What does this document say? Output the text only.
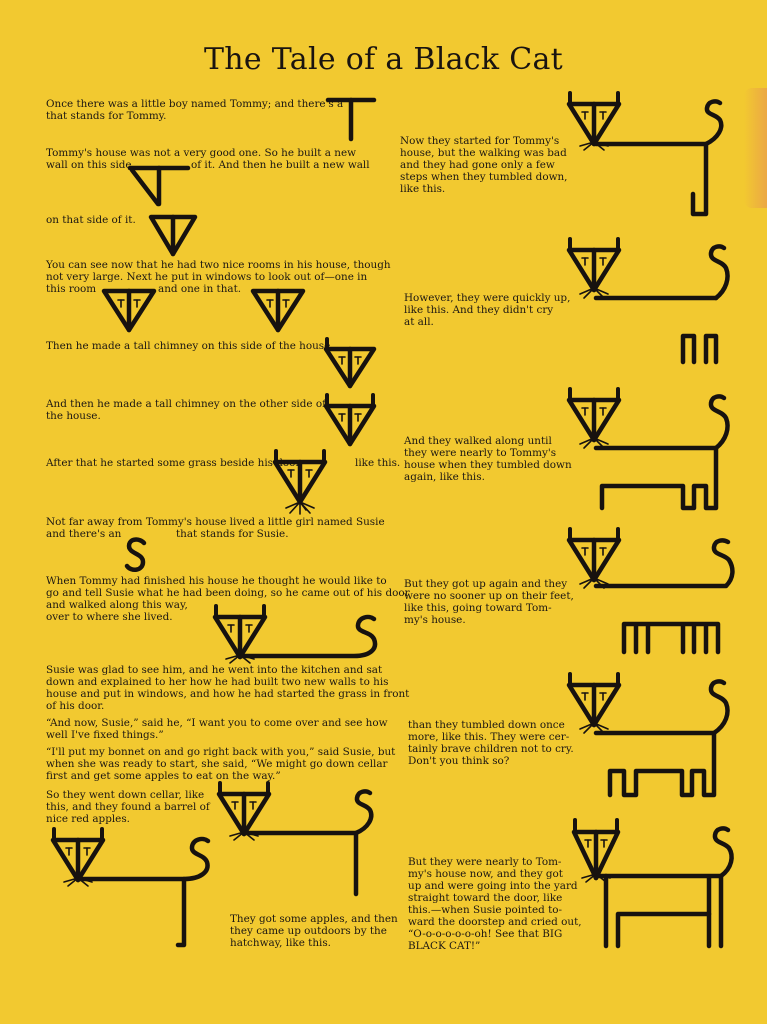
The Tale of a Black Cat

Once there was a little boy named Tommy; and there's a

that stands for Tommy.

Tommy's house was not a very good one. So he built a new

wall on this side	of it. And then he built a new wall

on that side of it.

You can see now that he had two nice rooms in his house, though

not very large. Next he put in windows to look out of—one in

this room	and one in that.

Then he made a tall chimney on this side of the house.

And then he made a tall chimney on the other side of

the house.

After that he started some grass beside his door,	like this.

Not far away from Tommy's house lived a little girl named Susie

and there's an	that stands for Susie.

When Tommy had finished his house he thought he would like to

go and tell Susie what he had been doing, so he came out of his door

and walked along this way,

over to where she lived.

Susie was glad to see him, and he went into the kitchen and sat

down and explained to her how he had built two new walls to his

house and put in windows, and how he had started the grass in front

of his door.

“And now, Susie,” said he, “I want you to come over and see how

well I've fixed things.”

“I'll put my bonnet on and go right back with you,” said Susie, but

when she was ready to start, she said, “We might go down cellar

first and get some apples to eat on the way.”

So they went down cellar, like

this, and they found a barrel of

nice red apples.

They got some apples, and then

they came up outdoors by the

hatchway, like this.

Now they started for Tommy's

house, but the walking was bad

and they had gone only a few

steps when they tumbled down,

like this.

However, they were quickly up,

like this. And they didn't cry

at all.

And they walked along until

they were nearly to Tommy's

house when they tumbled down

again, like this.

But they got up again and they

were no sooner up on their feet,

like this, going toward Tom-

my's house.

than they tumbled down once

more, like this. They were cer-

tainly brave children not to cry.

Don't you think so?

But they were nearly to Tom-

my's house now, and they got

up and were going into the yard

straight toward the door, like

this.—when Susie pointed to-

ward the doorstep and cried out,

“O-o-o-o-o-o-oh! See that BIG

BLACK CAT!”
